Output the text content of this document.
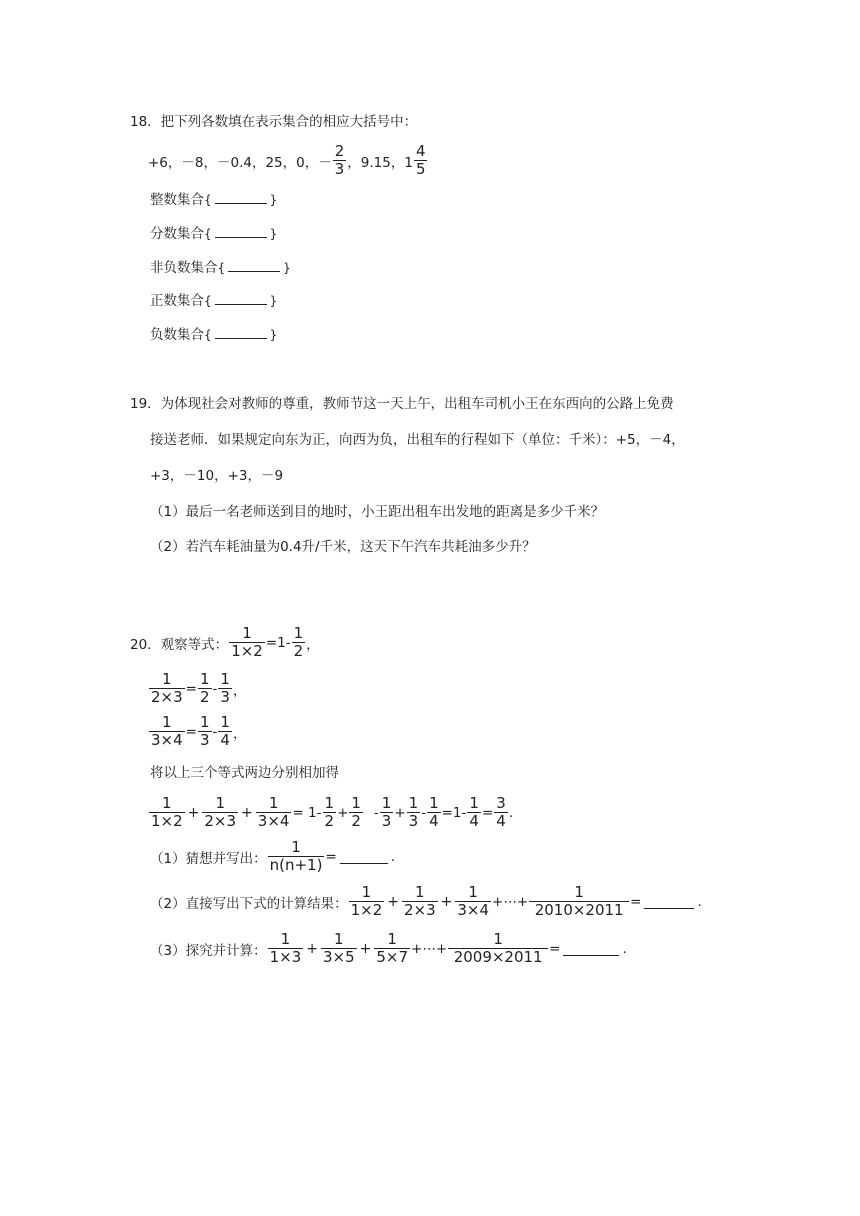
18．把下列各数填在表示集合的相应大括号中：
+6，－8，－0.4，25，0，－ $\frac{2}{3}$ ，9.15，$1 \frac{4}{5}$
整数集合{	}
分数集合{	}
非负数集合{	}
正数集合{	}
负数集合{	}
19．为体现社会对教师的尊重，教师节这一天上午，出租车司机小王在东西向的公路上免费
接送老师．如果规定向东为正，向西为负，出租车的行程如下（单位：千米）：+5，－4，
+3，－10，+3，－9
（1）最后一名老师送到目的地时，小王距出租车出发地的距离是多少千米？
（2）若汽车耗油量为0.4升/千米，这天下午汽车共耗油多少升？
20．观察等式： $\frac{1}{1\times 2} =1- \frac{1}{2}$ ，
$\frac{1}{2\times 3} = \frac{1}{2} - \frac{1}{3}$ ，
$\frac{1}{3\times 4} = \frac{1}{3} - \frac{1}{4}$ ，
将以上三个等式两边分别相加得
$\frac{1}{1\times 2} + \frac{1}{2\times 3} + \frac{1}{3\times 4} = 1- \frac{1}{2} + \frac{1}{2} - \frac{1}{3} + \frac{1}{3} - \frac{1}{4} =1- \frac{1}{4} = \frac{3}{4}$ .
（1）猜想并写出： $\frac{1}{n(n+1)}$ =	.
（2）直接写出下式的计算结果： $\frac{1}{1\times 2} + \frac{1}{2\times 3} + \frac{1}{3\times 4}$ +⋯+ $\frac{1}{2010\times 2011}$ =	.
（3）探究并计算： $\frac{1}{1\times 3} + \frac{1}{3\times 5} + \frac{1}{5\times 7}$ +⋯+ $\frac{1}{2009\times 2011}$ =	.
